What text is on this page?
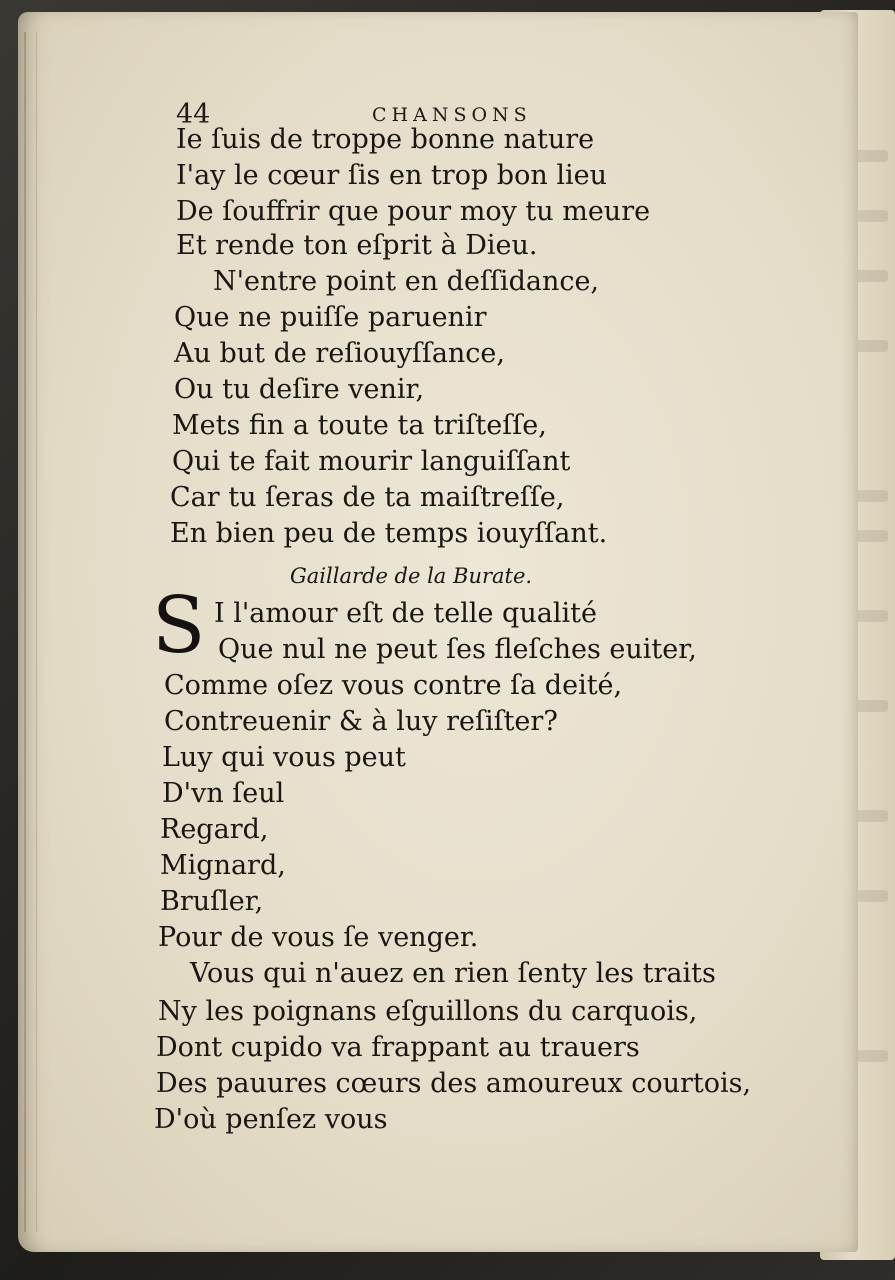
44	CHANSONS
Ie ſuis de troppe bonne nature
I'ay le cœur ſis en trop bon lieu
De ſouffrir que pour moy tu meure
Et rende ton eſprit à Dieu.
N'entre point en deſſidance,
Que ne puiſſe paruenir
Au but de reſiouyſſance,
Ou tu deſire venir,
Mets fin a toute ta triſteſſe,
Qui te fait mourir languiſſant
Car tu ſeras de ta maiſtreſſe,
En bien peu de temps iouyſſant.
Gaillarde de la Burate.
S I l'amour eſt de telle qualité
Que nul ne peut ſes fleſches euiter,
Comme oſez vous contre ſa deité,
Contreuenir & à luy reſiſter?
Luy qui vous peut
D'vn ſeul
Regard,
Mignard,
Bruſler,
Pour de vous ſe venger.
Vous qui n'auez en rien ſenty les traits
Ny les poignans eſguillons du carquois,
Dont cupido va frappant au trauers
Des pauures cœurs des amoureux courtois,
D'où penſez vous
